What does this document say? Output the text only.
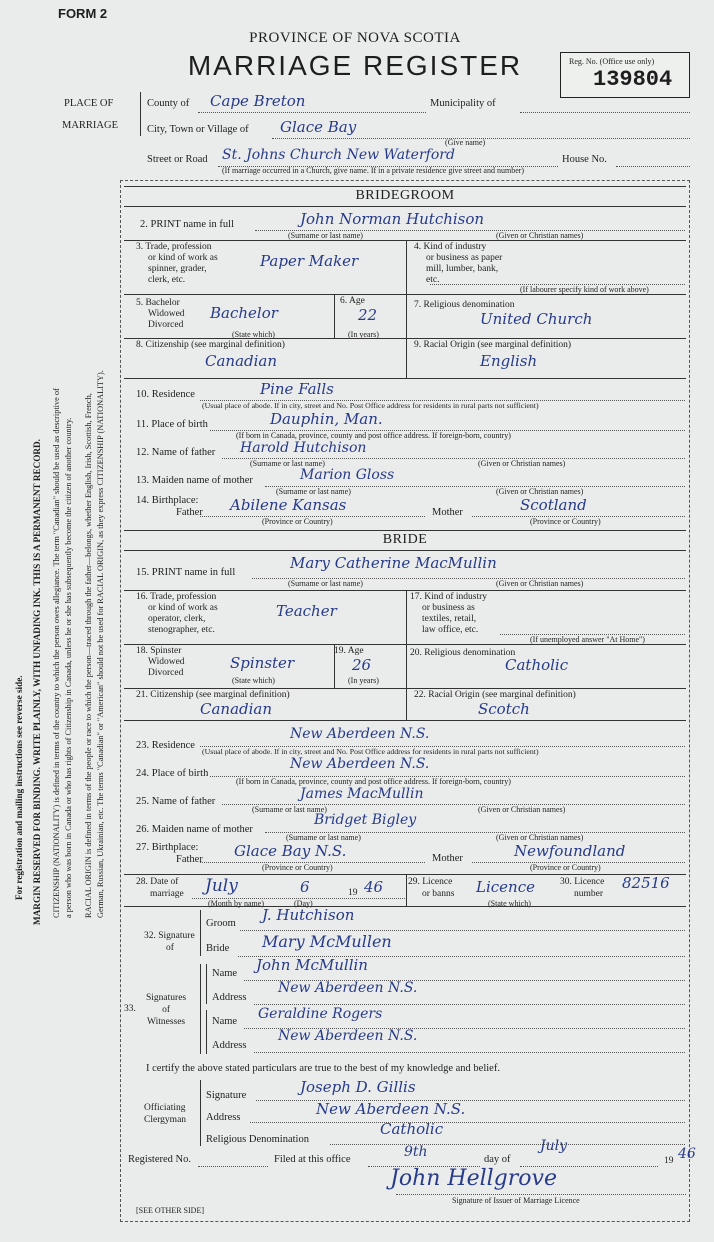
FORM 2
PROVINCE OF NOVA SCOTIA
MARRIAGE REGISTER	Reg. No. (Office use only)
139804
PLACE OF
MARRIAGE
County of Cape Breton	Municipality of
City, Town or Village of Glace Bay
(Give name)
Street or Road St. Johns Church New Waterford	House No.
(If marriage occurred in a Church, give name. If in a private residence give street and number)
BRIDEGROOM
2. PRINT name in full	John Norman Hutchison
(Surname or last name)	(Given or Christian names)
3. Trade, profession
or kind of work as
spinner, grader,
clerk, etc.
Paper Maker
4. Kind of industry
or business as paper
mill, lumber, bank,
etc.
(If labourer specify kind of work above)
5. Bachelor
Widowed
Divorced
Bachelor
(State which)
6. Age
22
(In years)
7. Religious denomination
United Church
8. Citizenship (see marginal definition)
Canadian
9. Racial Origin (see marginal definition)
English
10. Residence	Pine Falls
(Usual place of abode. If in city, street and No. Post Office address for residents in rural parts not sufficient)
11. Place of birth	Dauphin, Man.
(If born in Canada, province, county and post office address. If foreign-born, country)
12. Name of father Harold Hutchison
(Surname or last name)	(Given or Christian names)
13. Maiden name of mother	Marion Gloss
(Surname or last name)	(Given or Christian names)
14. Birthplace:
Father Abilene Kansas
(Province or Country)
Mother	Scotland
(Province or Country)
BRIDE
15. PRINT name in full
Mary Catherine MacMullin
(Surname or last name)	(Given or Christian names)
16. Trade, profession
or kind of work as
operator, clerk,
stenographer, etc.
Teacher
17. Kind of industry
or business as
textiles, retail,
law office, etc.
(If unemployed answer "At Home")
18. Spinster
Widowed
Divorced
Spinster
(State which)
19. Age
26
(In years)
20. Religious denomination
Catholic
21. Citizenship (see marginal definition)
Canadian
22. Racial Origin (see marginal definition)
Scotch
23. Residence
New Aberdeen N.S.
(Usual place of abode. If in city, street and No. Post Office address for residents in rural parts not sufficient)
24. Place of birth
New Aberdeen N.S.
(If born in Canada, province, county and post office address. If foreign-born, country)
25. Name of father	James MacMullin
(Surname or last name)	(Given or Christian names)
26. Maiden name of mother
Bridget Bigley
(Surname or last name)	(Given or Christian names)
27. Birthplace:
Father Glace Bay N.S.
(Province or Country)
Mother	Newfoundland
(Province or Country)
28. Date of
marriage July	6	19 46
(Month by name)	(Day)
29. Licence
or banns Licence
(State which)
30. Licence
number
82516
32. Signature
of
Groom J. Hutchison
Bride Mary McMullen
33.
Signatures
of
Witnesses
Name John McMullin
Address
New Aberdeen N.S.
Name Geraldine Rogers
Address
New Aberdeen N.S.
I certify the above stated particulars are true to the best of my knowledge and belief.
Officiating
Clergyman
Signature	Joseph D. Gillis
Address	New Aberdeen N.S.
Religious Denomination
Catholic
Registered No.	Filed at this office	9th	day of
July
19 46
John Hellgrove
Signature of Issuer of Marriage Licence
[SEE OTHER SIDE]
For registration and mailing instructions see reverse side. MARGIN RESERVED FOR BINDING. WRITE PLAINLY, WITH UNFADING INK. THIS IS A PERMANENT RECORD. CITIZENSHIP (NATIONALITY) is defined in terms of the country to which the person owes allegiance. The term "Canadian" should be used as descriptive of a person who was born in Canada or who has rights of Citizenship in Canada, unless he or she has subsequently become the citizen of another country. RACIAL ORIGIN is defined in terms of the people or race to which the person—traced through the father—belongs, whether English, Irish, Scottish, French, German, Russian, Ukrainian, etc. The terms "Canadian" or "American" should not be used for RACIAL ORIGIN, as they express CITIZENSHIP (NATIONALITY).
